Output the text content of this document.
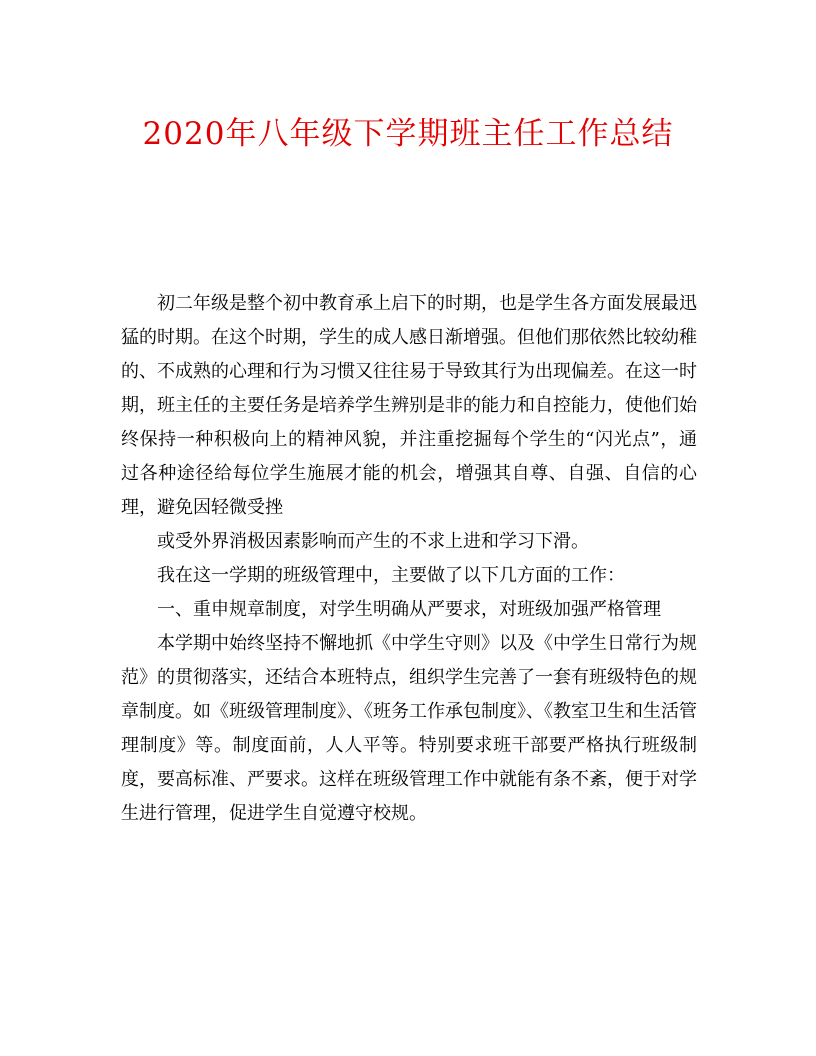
2020年八年级下学期班主任工作总结

初二年级是整个初中教育承上启下的时期，也是学生各方面发展最迅猛的时期。在这个时期，学生的成人感日渐增强。但他们那依然比较幼稚的、不成熟的心理和行为习惯又往往易于导致其行为出现偏差。在这一时期，班主任的主要任务是培养学生辨别是非的能力和自控能力，使他们始终保持一种积极向上的精神风貌，并注重挖掘每个学生的“闪光点”，通过各种途径给每位学生施展才能的机会，增强其自尊、自强、自信的心理，避免因轻微受挫

或受外界消极因素影响而产生的不求上进和学习下滑。

我在这一学期的班级管理中，主要做了以下几方面的工作：

一、重申规章制度，对学生明确从严要求，对班级加强严格管理

本学期中始终坚持不懈地抓《中学生守则》以及《中学生日常行为规范》的贯彻落实，还结合本班特点，组织学生完善了一套有班级特色的规章制度。如《班级管理制度》、《班务工作承包制度》、《教室卫生和生活管理制度》等。制度面前，人人平等。特别要求班干部要严格执行班级制度，要高标准、严要求。这样在班级管理工作中就能有条不紊，便于对学生进行管理，促进学生自觉遵守校规。
